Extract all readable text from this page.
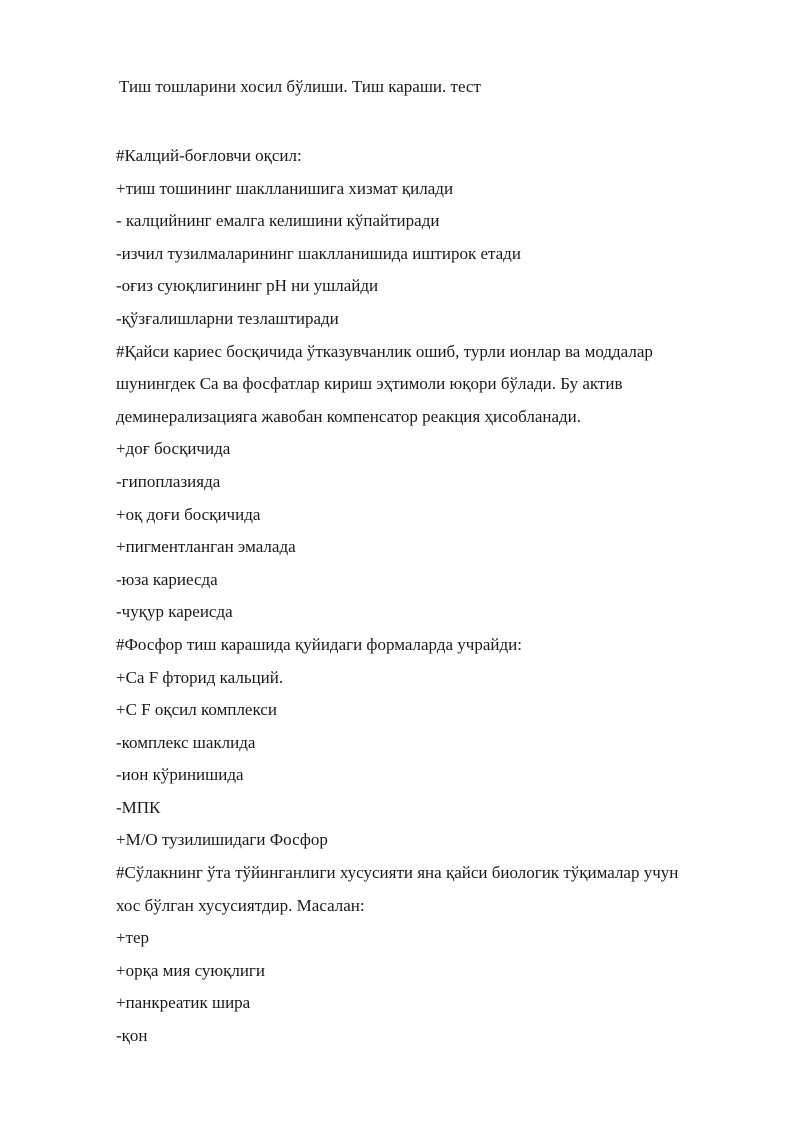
Тиш тошларини хосил бўлиши. Тиш караши. тест
#Калций-боғловчи оқсил:
+тиш тошининг шаклланишига хизмат қилади
- калцийнинг емалга келишини кўпайтиради
-изчил тузилмаларининг шаклланишида иштирок етади
-оғиз суюқлигининг рН ни ушлайди
-қўзғалишларни тезлаштиради
#Қайси кариес босқичида ўтказувчанлик ошиб, турли ионлар ва моддалар
шунингдек Са ва фосфатлар кириш эҳтимоли юқори бўлади. Бу актив
деминерализацияга жавобан компенсатор реакция ҳисобланади.
+доғ босқичида
-гипоплазияда
+оқ доғи босқичида
+пигментланган эмалада
-юза кариесда
-чуқур кареисда
#Фосфор тиш карашида қуйидаги формаларда учрайди:
+Са F фторид кальций.
+С F оқсил комплекси
-комплекс шаклида
-ион кўринишида
-МПК
+М/О тузилишидаги Фосфор
#Сўлакнинг ўта тўйинганлиги хусусияти яна қайси биологик тўқималар учун
хос бўлган хусусиятдир. Масалан:
+тер
+орқа мия суюқлиги
+панкреатик шира
-қон
